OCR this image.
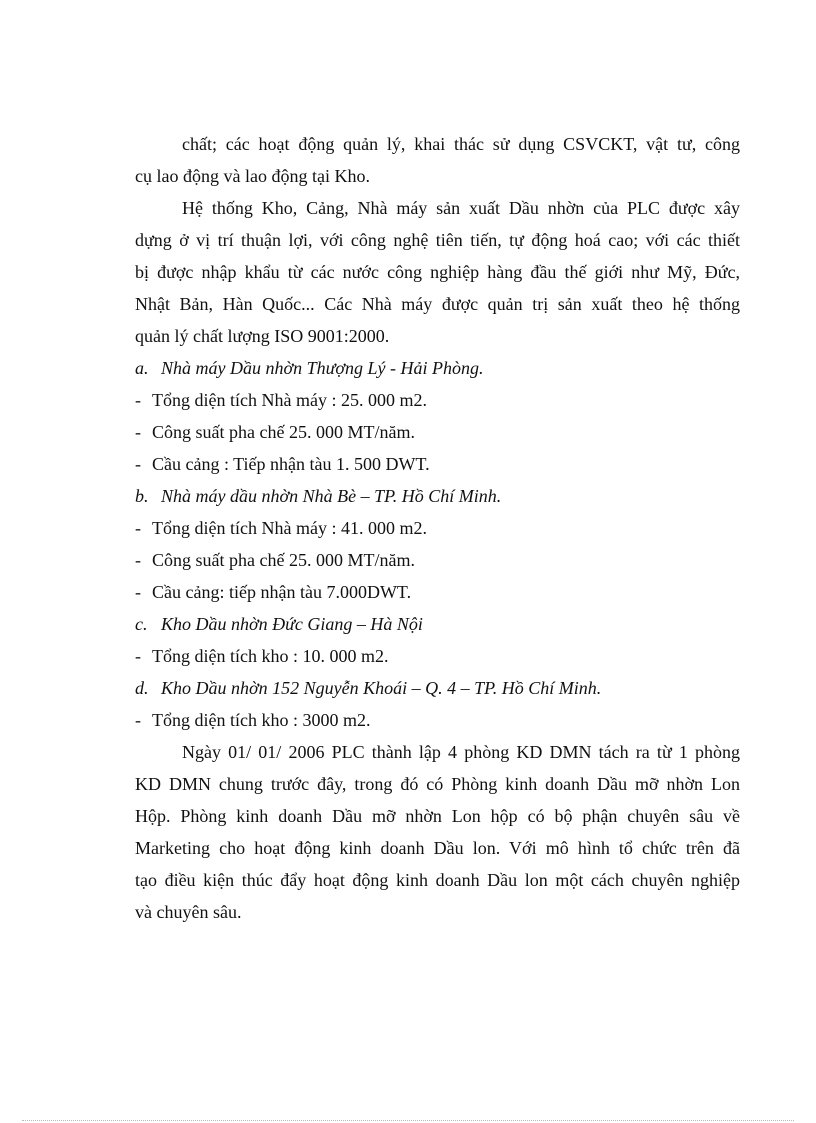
chất; các hoạt động quản lý, khai thác sử dụng CSVCKT, vật tư, công
cụ lao động và lao động tại Kho.
Hệ thống Kho, Cảng, Nhà máy sản xuất Dầu nhờn của PLC được xây
dựng ở vị trí thuận lợi, với công nghệ tiên tiến, tự động hoá cao; với các thiết
bị được nhập khẩu từ các nước công nghiệp hàng đầu thế giới như Mỹ, Đức,
Nhật Bản, Hàn Quốc... Các Nhà máy được quản trị sản xuất theo hệ thống
quản lý chất lượng ISO 9001:2000.
a. Nhà máy Dầu nhờn Thượng Lý - Hải Phòng.
- Tổng diện tích Nhà máy : 25. 000 m2.
- Công suất pha chế 25. 000 MT/năm.
- Cầu cảng : Tiếp nhận tàu 1. 500 DWT.
b. Nhà máy dầu nhờn Nhà Bè – TP. Hồ Chí Minh.
- Tổng diện tích Nhà máy : 41. 000 m2.
- Công suất pha chế 25. 000 MT/năm.
- Cầu cảng: tiếp nhận tàu 7.000DWT.
c. Kho Dầu nhờn Đức Giang – Hà Nội
- Tổng diện tích kho : 10. 000 m2.
d. Kho Dầu nhờn 152 Nguyễn Khoái – Q. 4 – TP. Hồ Chí Minh.
- Tổng diện tích kho : 3000 m2.
Ngày 01/ 01/ 2006 PLC thành lập 4 phòng KD DMN tách ra từ 1 phòng
KD DMN chung trước đây, trong đó có Phòng kinh doanh Dầu mỡ nhờn Lon
Hộp. Phòng kinh doanh Dầu mỡ nhờn Lon hộp có bộ phận chuyên sâu về
Marketing cho hoạt động kinh doanh Dầu lon. Với mô hình tổ chức trên đã
tạo điều kiện thúc đẩy hoạt động kinh doanh Dầu lon một cách chuyên nghiệp
và chuyên sâu.
